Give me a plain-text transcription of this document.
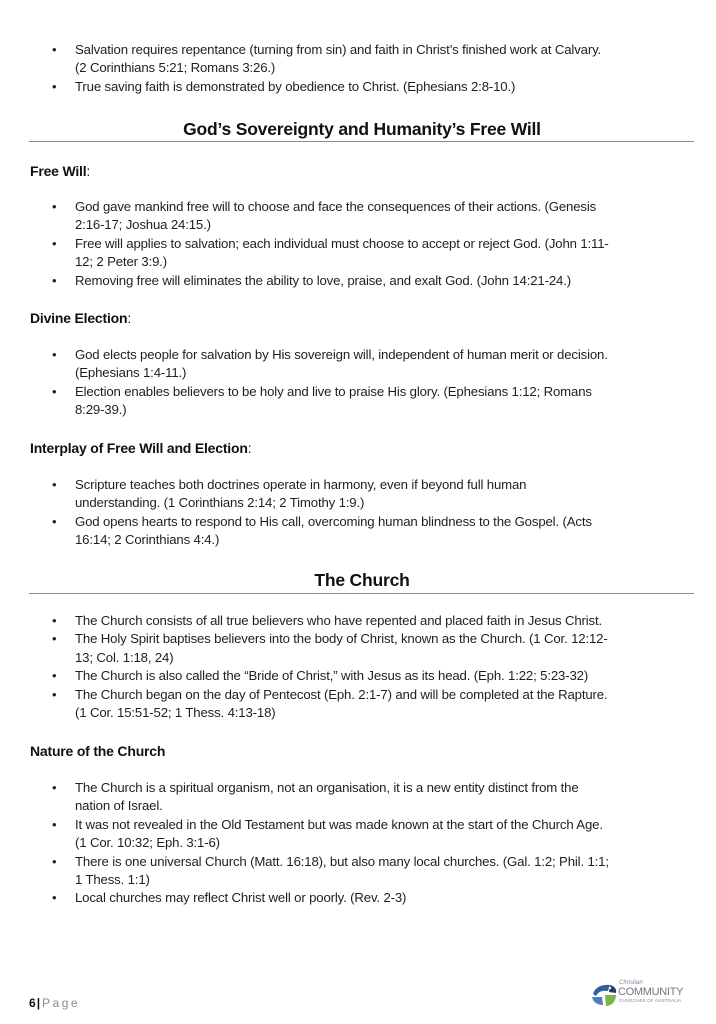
• Salvation requires repentance (turning from sin) and faith in Christ’s finished work at Calvary.
(2 Corinthians 5:21; Romans 3:26.)
• True saving faith is demonstrated by obedience to Christ. (Ephesians 2:8-10.)
God’s Sovereignty and Humanity’s Free Will
Free Will:
• God gave mankind free will to choose and face the consequences of their actions. (Genesis
2:16-17; Joshua 24:15.)
• Free will applies to salvation; each individual must choose to accept or reject God. (John 1:11-
12; 2 Peter 3:9.)
• Removing free will eliminates the ability to love, praise, and exalt God. (John 14:21-24.)
Divine Election:
• God elects people for salvation by His sovereign will, independent of human merit or decision.
(Ephesians 1:4-11.)
• Election enables believers to be holy and live to praise His glory. (Ephesians 1:12; Romans
8:29-39.)
Interplay of Free Will and Election:
• Scripture teaches both doctrines operate in harmony, even if beyond full human
understanding. (1 Corinthians 2:14; 2 Timothy 1:9.)
• God opens hearts to respond to His call, overcoming human blindness to the Gospel. (Acts
16:14; 2 Corinthians 4:4.)
The Church
• The Church consists of all true believers who have repented and placed faith in Jesus Christ.
• The Holy Spirit baptises believers into the body of Christ, known as the Church. (1 Cor. 12:12-
13; Col. 1:18, 24)
• The Church is also called the “Bride of Christ,” with Jesus as its head. (Eph. 1:22; 5:23-32)
• The Church began on the day of Pentecost (Eph. 2:1-7) and will be completed at the Rapture.
(1 Cor. 15:51-52; 1 Thess. 4:13-18)
Nature of the Church
• The Church is a spiritual organism, not an organisation, it is a new entity distinct from the
nation of Israel.
• It was not revealed in the Old Testament but was made known at the start of the Church Age.
(1 Cor. 10:32; Eph. 3:1-6)
• There is one universal Church (Matt. 16:18), but also many local churches. (Gal. 1:2; Phil. 1:1;
1 Thess. 1:1)
• Local churches may reflect Christ well or poorly. (Rev. 2-3)
6| Page
Christian
COMMUNITY
CHURCHES OF AUSTRALIA
